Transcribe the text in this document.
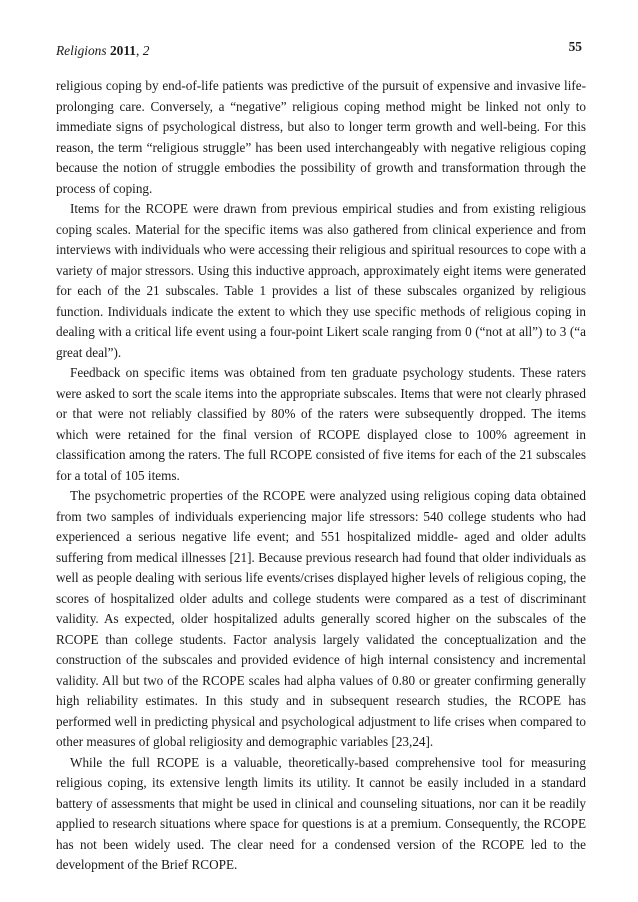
Religions 2011, 2	55

religious coping by end-of-life patients was predictive of the pursuit of expensive and invasive life-prolonging care. Conversely, a “negative” religious coping method might be linked not only to immediate signs of psychological distress, but also to longer term growth and well-being. For this reason, the term “religious struggle” has been used interchangeably with negative religious coping because the notion of struggle embodies the possibility of growth and transformation through the process of coping.

Items for the RCOPE were drawn from previous empirical studies and from existing religious coping scales. Material for the specific items was also gathered from clinical experience and from interviews with individuals who were accessing their religious and spiritual resources to cope with a variety of major stressors. Using this inductive approach, approximately eight items were generated for each of the 21 subscales. Table 1 provides a list of these subscales organized by religious function. Individuals indicate the extent to which they use specific methods of religious coping in dealing with a critical life event using a four-point Likert scale ranging from 0 (“not at all”) to 3 (“a great deal”).

Feedback on specific items was obtained from ten graduate psychology students. These raters were asked to sort the scale items into the appropriate subscales. Items that were not clearly phrased or that were not reliably classified by 80% of the raters were subsequently dropped. The items which were retained for the final version of RCOPE displayed close to 100% agreement in classification among the raters. The full RCOPE consisted of five items for each of the 21 subscales for a total of 105 items.

The psychometric properties of the RCOPE were analyzed using religious coping data obtained from two samples of individuals experiencing major life stressors: 540 college students who had experienced a serious negative life event; and 551 hospitalized middle- aged and older adults suffering from medical illnesses [21]. Because previous research had found that older individuals as well as people dealing with serious life events/crises displayed higher levels of religious coping, the scores of hospitalized older adults and college students were compared as a test of discriminant validity. As expected, older hospitalized adults generally scored higher on the subscales of the RCOPE than college students. Factor analysis largely validated the conceptualization and the construction of the subscales and provided evidence of high internal consistency and incremental validity. All but two of the RCOPE scales had alpha values of 0.80 or greater confirming generally high reliability estimates. In this study and in subsequent research studies, the RCOPE has performed well in predicting physical and psychological adjustment to life crises when compared to other measures of global religiosity and demographic variables [23,24].

While the full RCOPE is a valuable, theoretically-based comprehensive tool for measuring religious coping, its extensive length limits its utility. It cannot be easily included in a standard battery of assessments that might be used in clinical and counseling situations, nor can it be readily applied to research situations where space for questions is at a premium. Consequently, the RCOPE has not been widely used. The clear need for a condensed version of the RCOPE led to the development of the Brief RCOPE.
